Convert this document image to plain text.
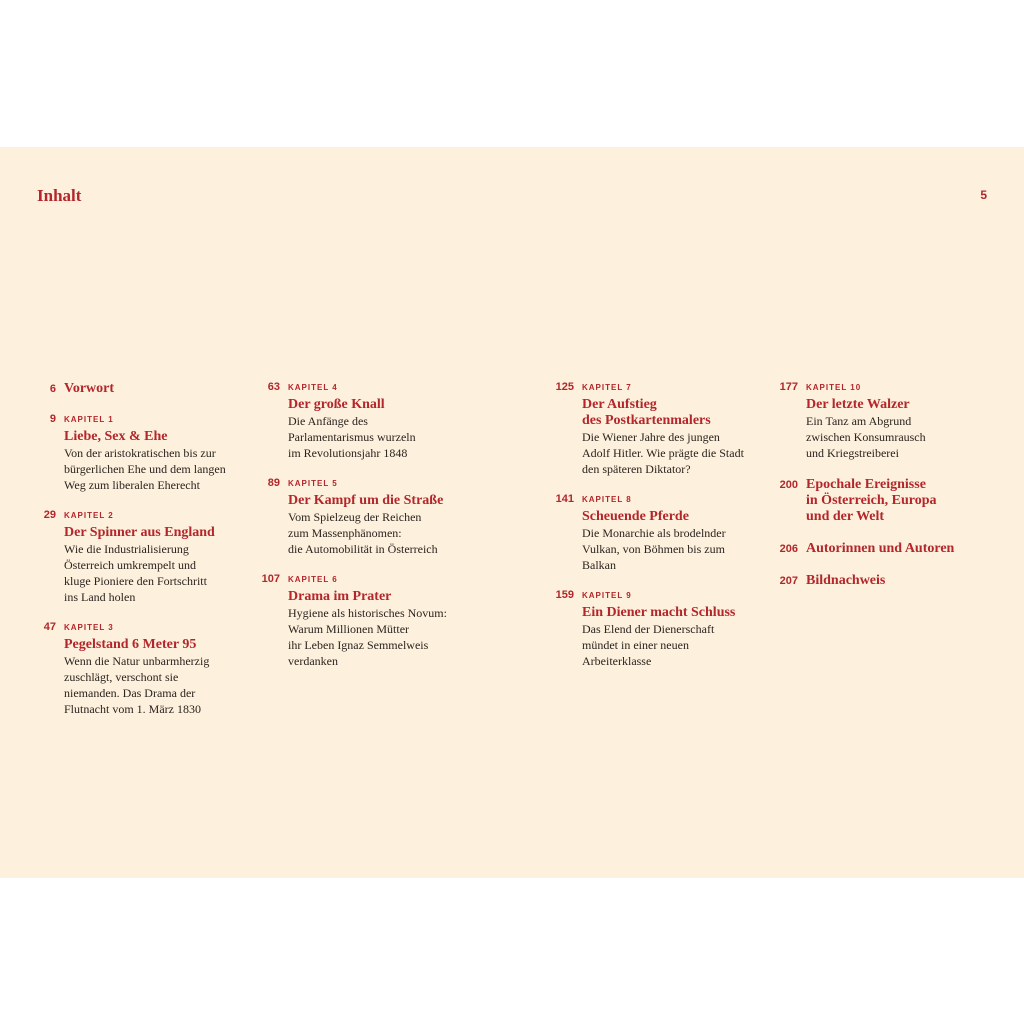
Inhalt	5
6 Vorwort
9 KAPITEL 1
Liebe, Sex & Ehe
Von der aristokratischen bis zur
bürgerlichen Ehe und dem langen
Weg zum liberalen Eherecht
29 KAPITEL 2
Der Spinner aus England
Wie die Industrialisierung
Österreich umkrempelt und
kluge Pioniere den Fortschritt
ins Land holen
47 KAPITEL 3
Pegelstand 6 Meter 95
Wenn die Natur unbarmherzig
zuschlägt, verschont sie
niemanden. Das Drama der
Flutnacht vom 1. März 1830
63 KAPITEL 4
Der große Knall
Die Anfänge des
Parlamentarismus wurzeln
im Revolutionsjahr 1848
89 KAPITEL 5
Der Kampf um die Straße
Vom Spielzeug der Reichen
zum Massenphänomen:
die Automobilität in Österreich
107 KAPITEL 6
Drama im Prater
Hygiene als historisches Novum:
Warum Millionen Mütter
ihr Leben Ignaz Semmelweis
verdanken
125 KAPITEL 7
Der Aufstieg
des Postkartenmalers
Die Wiener Jahre des jungen
Adolf Hitler. Wie prägte die Stadt
den späteren Diktator?
141 KAPITEL 8
Scheuende Pferde
Die Monarchie als brodelnder
Vulkan, von Böhmen bis zum
Balkan
159 KAPITEL 9
Ein Diener macht Schluss
Das Elend der Dienerschaft
mündet in einer neuen
Arbeiterklasse
177 KAPITEL 10
Der letzte Walzer
Ein Tanz am Abgrund
zwischen Konsumrausch
und Kriegstreiberei
200 Epochale Ereignisse
in Österreich, Europa
und der Welt
206 Autorinnen und Autoren
207 Bildnachweis
